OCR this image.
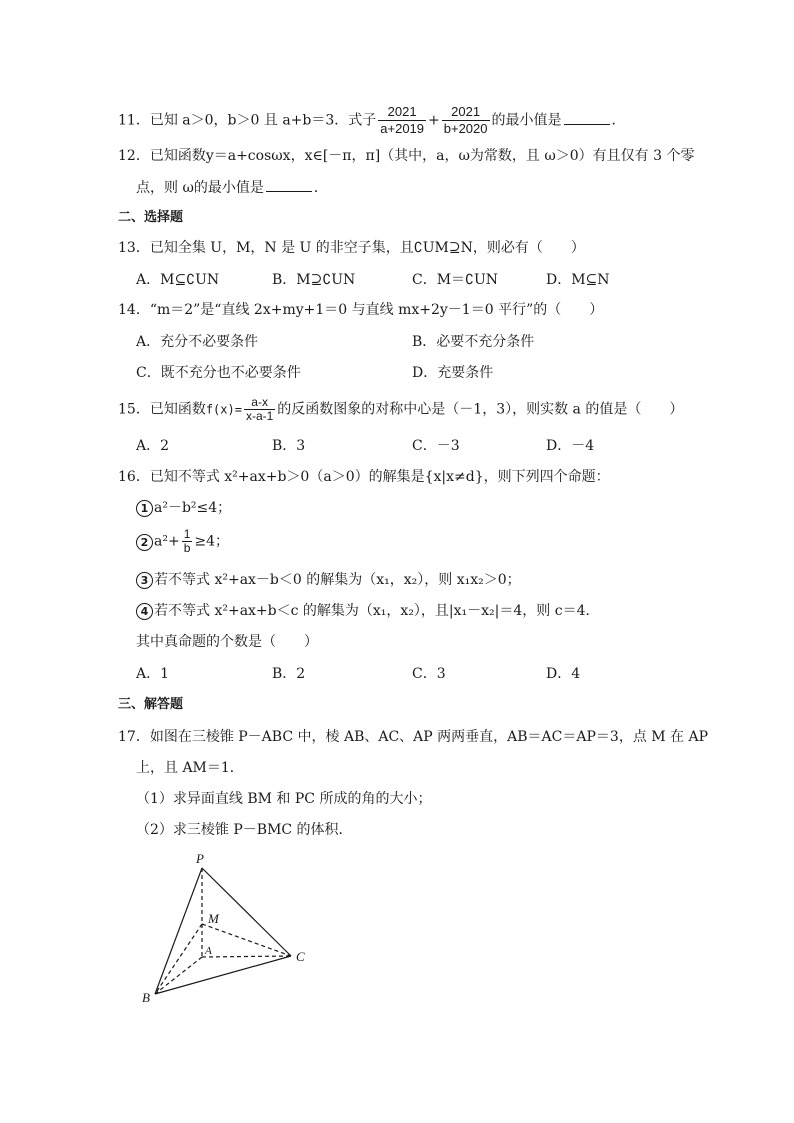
11．已知 a＞0，b＞0 且 a+b＝3．式子 $\frac{2021}{a+2019} + \frac{2021}{b+2020}$ 的最小值是	．
12．已知函数y＝a+cosωx，x∈[－π，π]（其中，a，ω为常数，且 ω＞0）有且仅有 3 个零
点，则 ω的最小值是	．
二、选择题
13．已知全集 U，M，N 是 U 的非空子集，且∁UM⊇N，则必有（　　）
A．M⊆∁UN	B．M⊇∁UN	C．M＝∁UN	D．M⊆N
14．“m＝2”是“直线 2x+my+1＝0 与直线 mx+2y－1＝0 平行”的（　　）
A．充分不必要条件	B．必要不充分条件
C．既不充分也不必要条件	D．充要条件
15．已知函数$f(x)= \frac{a-x}{x-a-1}$ 的反函数图象的对称中心是（－1，3），则实数 a 的值是（　　）
A．2	B．3	C．－3	D．－4
16．已知不等式 x²+ax+b＞0（a＞0）的解集是{x|x≠d}，则下列四个命题：
1 a²－b²≤4；
2 $a^2+ \frac{1}{b} \ge 4$；
3 若不等式 x²+ax－b＜0 的解集为（x₁，x₂），则 x₁x₂＞0；
4 若不等式 x²+ax+b＜c 的解集为（x₁，x₂），且|x₁－x₂|＝4，则 c＝4．
其中真命题的个数是（　　）
A．1	B．2	C．3	D．4
三、解答题
17．如图在三棱锥 P－ABC 中，棱 AB、AC、AP 两两垂直，AB＝AC＝AP＝3，点 M 在 AP
上，且 AM＝1．
（1）求异面直线 BM 和 PC 所成的角的大小；
（2）求三棱锥 P－BMC 的体积．
P
M
A	C
B
